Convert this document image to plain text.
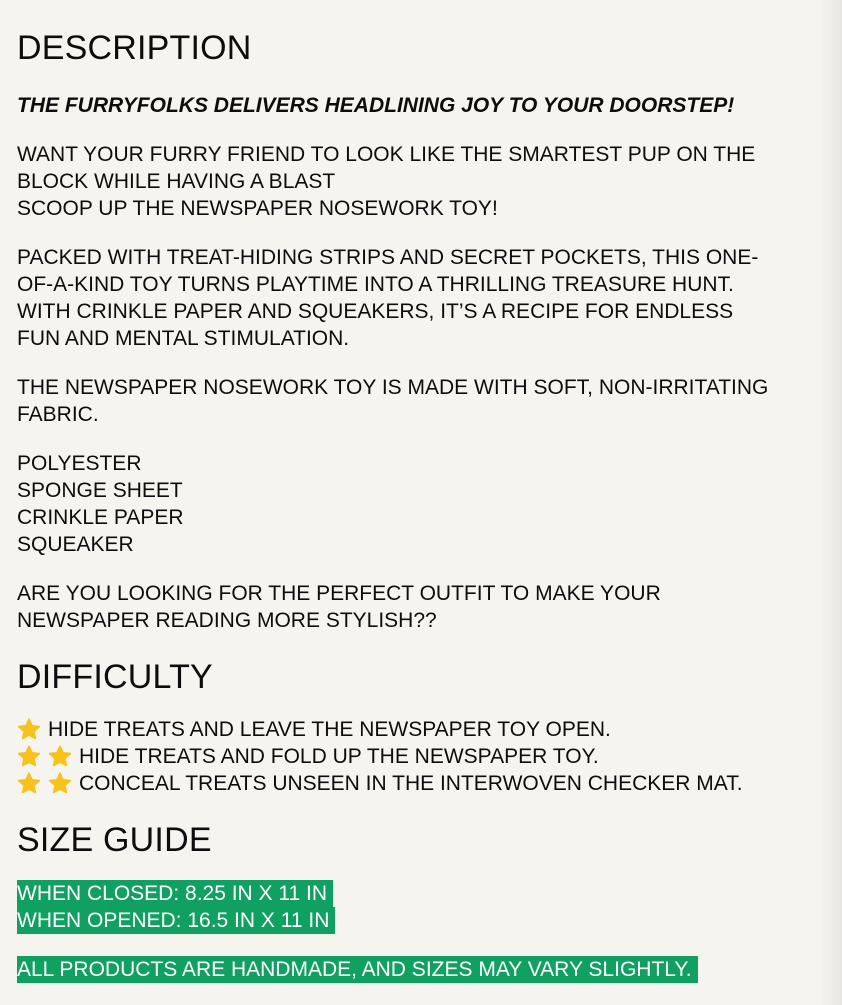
DESCRIPTION

THE FURRYFOLKS DELIVERS HEADLINING JOY TO YOUR DOORSTEP!

WANT YOUR FURRY FRIEND TO LOOK LIKE THE SMARTEST PUP ON THE
BLOCK WHILE HAVING A BLAST
SCOOP UP THE NEWSPAPER NOSEWORK TOY!

PACKED WITH TREAT-HIDING STRIPS AND SECRET POCKETS, THIS ONE-
OF-A-KIND TOY TURNS PLAYTIME INTO A THRILLING TREASURE HUNT.
WITH CRINKLE PAPER AND SQUEAKERS, IT’S A RECIPE FOR ENDLESS
FUN AND MENTAL STIMULATION.

THE NEWSPAPER NOSEWORK TOY IS MADE WITH SOFT, NON-IRRITATING
FABRIC.

POLYESTER
SPONGE SHEET
CRINKLE PAPER
SQUEAKER

ARE YOU LOOKING FOR THE PERFECT OUTFIT TO MAKE YOUR
NEWSPAPER READING MORE STYLISH??

DIFFICULTY
HIDE TREATS AND LEAVE THE NEWSPAPER TOY OPEN.
HIDE TREATS AND FOLD UP THE NEWSPAPER TOY.
CONCEAL TREATS UNSEEN IN THE INTERWOVEN CHECKER MAT.
SIZE GUIDE
WHEN CLOSED: 8.25 IN X 11 IN
WHEN OPENED: 16.5 IN X 11 IN
ALL PRODUCTS ARE HANDMADE, AND SIZES MAY VARY SLIGHTLY.
